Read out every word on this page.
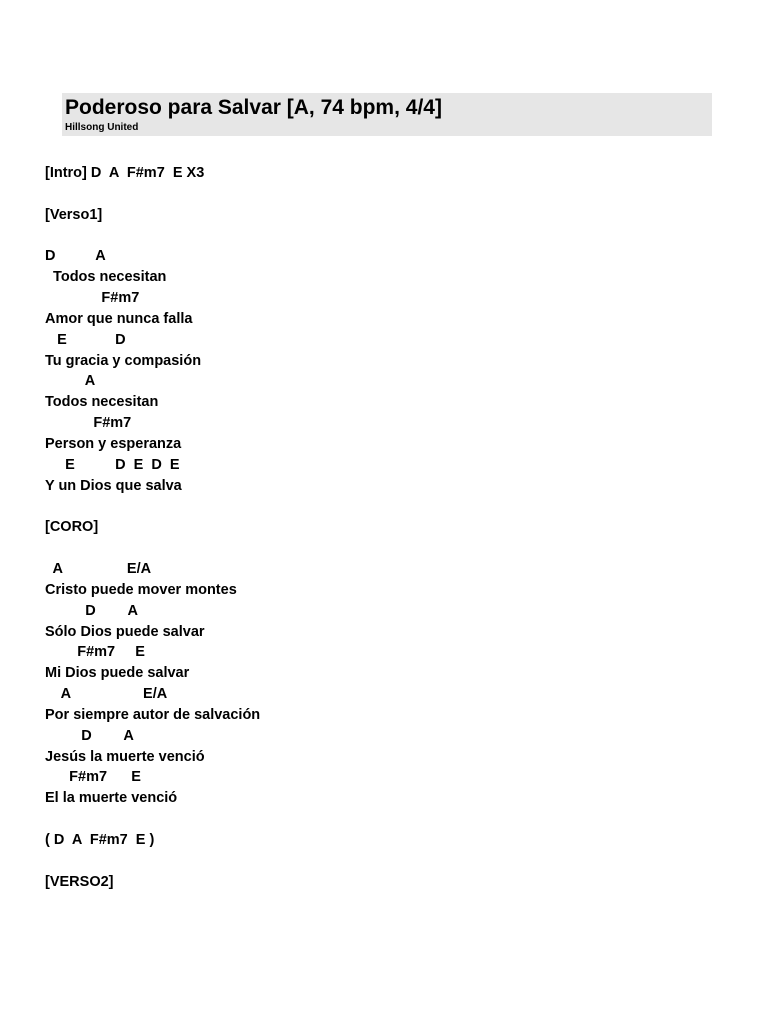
Poderoso para Salvar [A, 74 bpm, 4/4]
Hillsong United
[Intro] D  A  F#m7  E X3
[Verso1]
D          A
Todos necesitan
F#m7
Amor que nunca falla
E            D
Tu gracia y compasión
A
Todos necesitan
F#m7
Person y esperanza
E          D  E  D  E
Y un Dios que salva
[CORO]
A                E/A
Cristo puede mover montes
D        A
Sólo Dios puede salvar
F#m7     E
Mi Dios puede salvar
A                  E/A
Por siempre autor de salvación
D        A
Jesús la muerte venció
F#m7      E
El la muerte venció
( D  A  F#m7  E )
[VERSO2]
